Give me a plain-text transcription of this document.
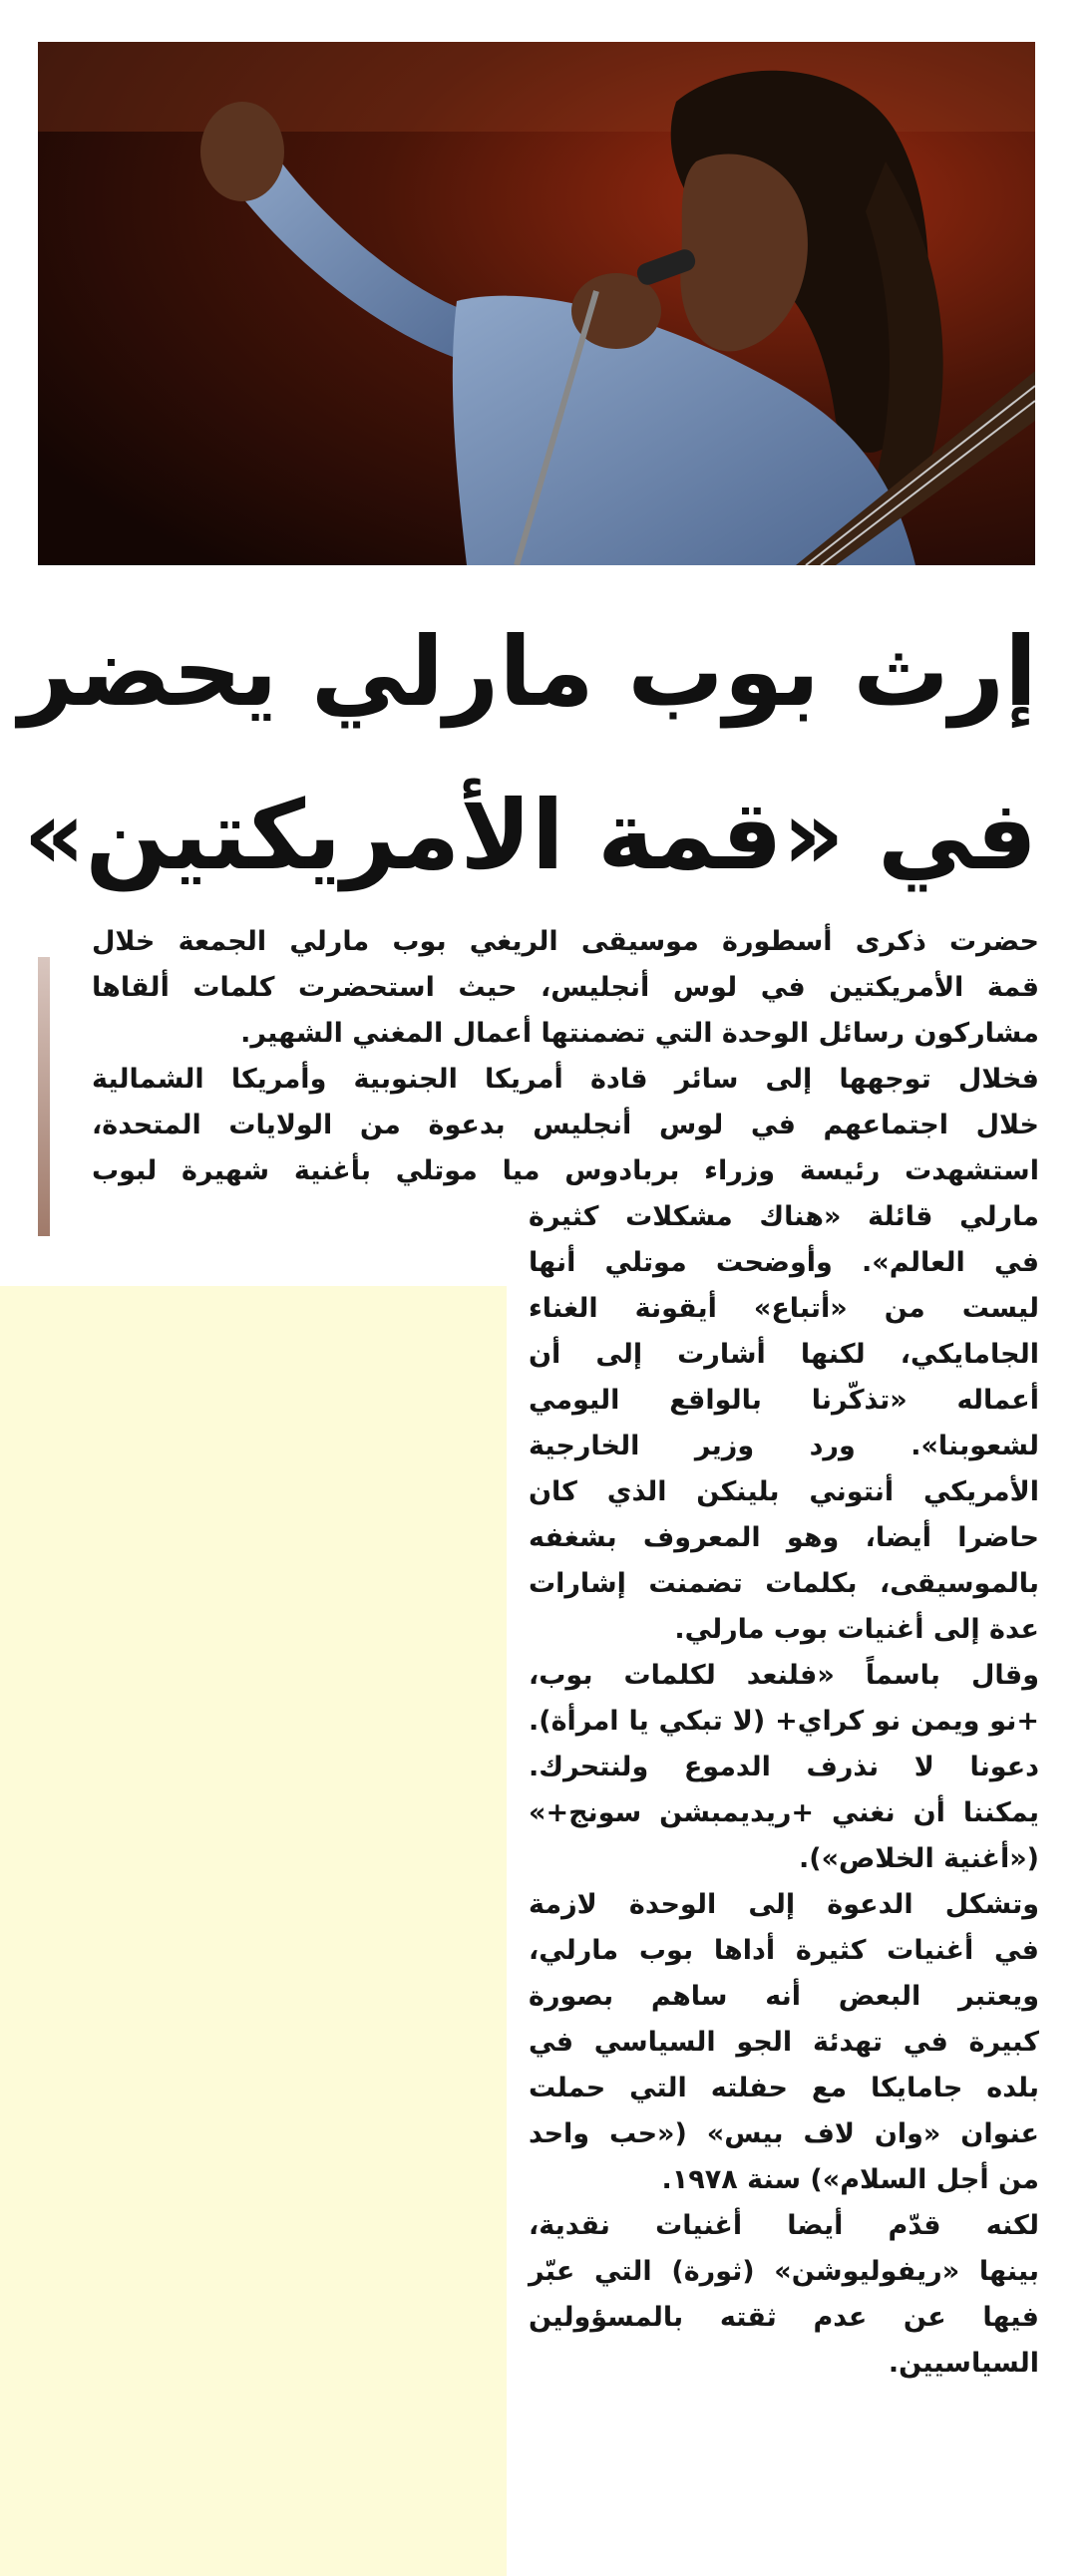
إرث بوب مارلي يحضر
في «قمة الأمريكتين»
حضرت ذكرى أسطورة موسيقى الريغي بوب مارلي الجمعة خلال
قمة الأمريكتين في لوس أنجليس، حيث استحضرت كلمات ألقاها
مشاركون رسائل الوحدة التي تضمنتها أعمال المغني الشهير.
فخلال توجهها إلى سائر قادة أمريكا الجنوبية وأمريكا الشمالية
خلال اجتماعهم في لوس أنجليس بدعوة من الولايات المتحدة،
استشهدت رئيسة وزراء بربادوس ميا موتلي بأغنية شهيرة لبوب
مارلي قائلة «هناك مشكلات كثيرة
في العالم». وأوضحت موتلي أنها
ليست من «أتباع» أيقونة الغناء
الجامايكي، لكنها أشارت إلى أن
أعماله «تذكّرنا بالواقع اليومي
لشعوبنا». ورد وزير الخارجية
الأمريكي أنتوني بلينكن الذي كان
حاضرا أيضا، وهو المعروف بشغفه
بالموسيقى، بكلمات تضمنت إشارات
عدة إلى أغنيات بوب مارلي.
وقال باسماً «فلنعد لكلمات بوب،
+نو ويمن نو كراي+ (لا تبكي يا امرأة).
دعونا لا نذرف الدموع ولنتحرك.
يمكننا أن نغني +ريديمبشن سونج+»
(«أغنية الخلاص»).
وتشكل الدعوة إلى الوحدة لازمة
في أغنيات كثيرة أداها بوب مارلي،
ويعتبر البعض أنه ساهم بصورة
كبيرة في تهدئة الجو السياسي في
بلده جامايكا مع حفلته التي حملت
عنوان «وان لاف بيس» («حب واحد
من أجل السلام») سنة ١٩٧٨.
لكنه قدّم أيضا أغنيات نقدية،
بينها «ريفوليوشن» (ثورة) التي عبّر
فيها عن عدم ثقته بالمسؤولين
السياسيين.
